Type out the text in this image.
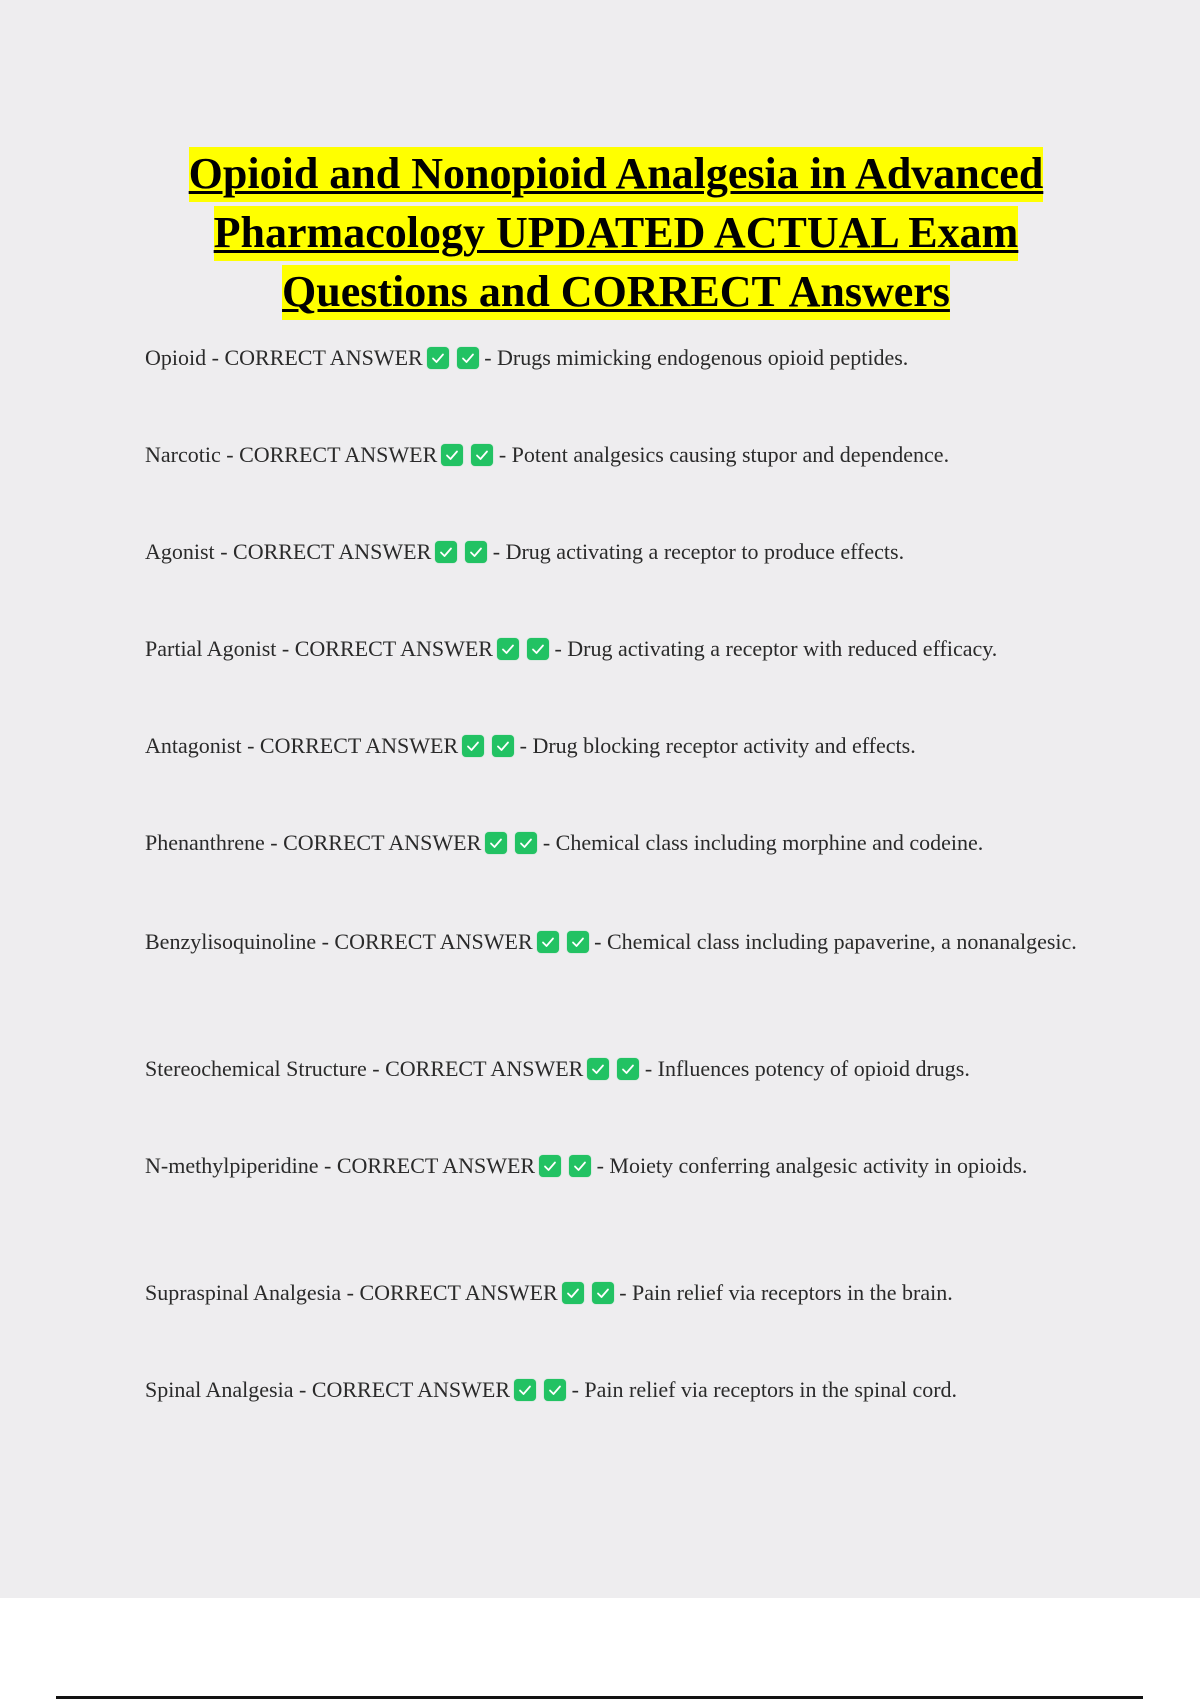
Opioid and Nonopioid Analgesia in Advanced
Pharmacology UPDATED ACTUAL Exam
Questions and CORRECT Answers
Opioid - CORRECT ANSWER	- Drugs mimicking endogenous opioid peptides.
Narcotic - CORRECT ANSWER	- Potent analgesics causing stupor and dependence.
Agonist - CORRECT ANSWER	- Drug activating a receptor to produce effects.
Partial Agonist - CORRECT ANSWER	- Drug activating a receptor with reduced efficacy.
Antagonist - CORRECT ANSWER	- Drug blocking receptor activity and effects.
Phenanthrene - CORRECT ANSWER	- Chemical class including morphine and codeine.
Benzylisoquinoline - CORRECT ANSWER	- Chemical class including papaverine, a nonanalgesic.
Stereochemical Structure - CORRECT ANSWER	- Influences potency of opioid drugs.
N-methylpiperidine - CORRECT ANSWER	- Moiety conferring analgesic activity in opioids.
Supraspinal Analgesia - CORRECT ANSWER	- Pain relief via receptors in the brain.
Spinal Analgesia - CORRECT ANSWER	- Pain relief via receptors in the spinal cord.
